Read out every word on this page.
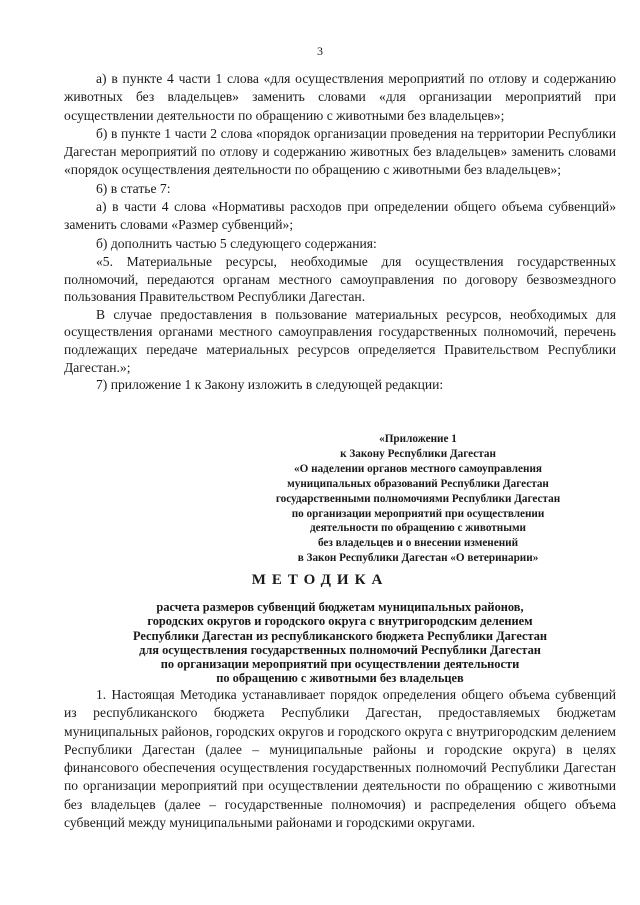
3

а) в пункте 4 части 1 слова «для осуществления мероприятий по отлову и содержанию животных без владельцев» заменить словами «для организации мероприятий при осуществлении деятельности по обращению с животными без владельцев»;

б) в пункте 1 части 2 слова «порядок организации проведения на территории Республики Дагестан мероприятий по отлову и содержанию животных без владельцев» заменить словами «порядок осуществления деятельности по обращению с животными без владельцев»;

6) в статье 7:

а) в части 4 слова «Нормативы расходов при определении общего объема субвенций» заменить словами «Размер субвенций»;

б) дополнить частью 5 следующего содержания:

«5. Материальные ресурсы, необходимые для осуществления государственных полномочий, передаются органам местного самоуправления по договору безвозмездного пользования Правительством Республики Дагестан.

В случае предоставления в пользование материальных ресурсов, необходимых для осуществления органами местного самоуправления государственных полномочий, перечень подлежащих передаче материальных ресурсов определяется Правительством Республики Дагестан.»;

7) приложение 1 к Закону изложить в следующей редакции:

«Приложение 1
к Закону Республики Дагестан
«О наделении органов местного самоуправления
муниципальных образований Республики Дагестан
государственными полномочиями Республики Дагестан
по организации мероприятий при осуществлении
деятельности по обращению с животными
без владельцев и о внесении изменений
в Закон Республики Дагестан «О ветеринарии»
МЕТОДИКА
расчета размеров субвенций бюджетам муниципальных районов,
городских округов и городского округа с внутригородским делением
Республики Дагестан из республиканского бюджета Республики Дагестан
для осуществления государственных полномочий Республики Дагестан
по организации мероприятий при осуществлении деятельности
по обращению с животными без владельцев

1. Настоящая Методика устанавливает порядок определения общего объема субвенций из республиканского бюджета Республики Дагестан, предоставляемых бюджетам муниципальных районов, городских округов и городского округа с внутригородским делением Республики Дагестан (далее – муниципальные районы и городские округа) в целях финансового обеспечения осуществления государственных полномочий Республики Дагестан по организации мероприятий при осуществлении деятельности по обращению с животными без владельцев (далее – государственные полномочия) и распределения общего объема субвенций между муниципальными районами и городскими округами.
